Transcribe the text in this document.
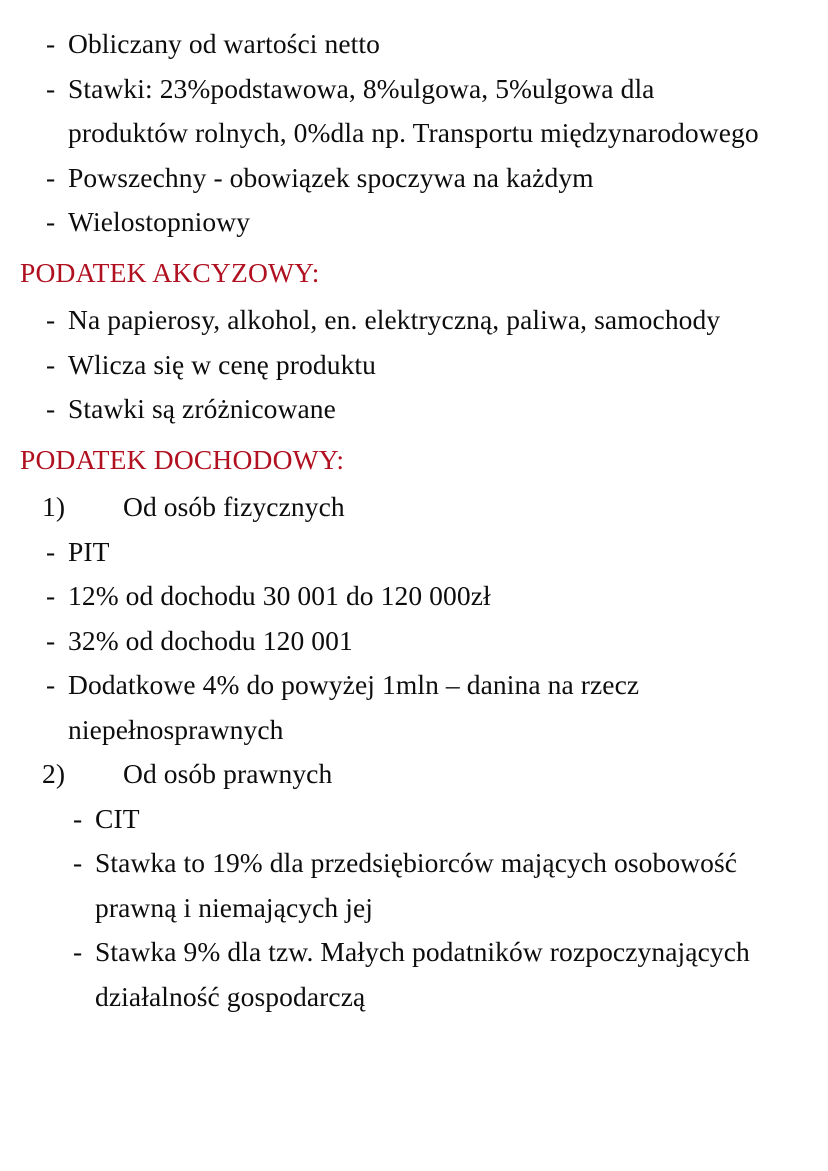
- Obliczany od wartości netto
- Stawki: 23%podstawowa, 8%ulgowa, 5%ulgowa dla produktów rolnych, 0%dla np. Transportu międzynarodowego
- Powszechny - obowiązek spoczywa na każdym
- Wielostopniowy
PODATEK AKCYZOWY:
- Na papierosy, alkohol, en. elektryczną, paliwa, samochody
- Wlicza się w cenę produktu
- Stawki są zróżnicowane
PODATEK DOCHODOWY:
1)	Od osób fizycznych
- PIT
- 12% od dochodu 30 001 do 120 000zł
- 32% od dochodu 120 001
- Dodatkowe 4% do powyżej 1mln – danina na rzecz niepełnosprawnych
2)	Od osób prawnych
- CIT
- Stawka to 19% dla przedsiębiorców mających osobowość prawną i niemających jej
- Stawka 9% dla tzw. Małych podatników rozpoczynających działalność gospodarczą
